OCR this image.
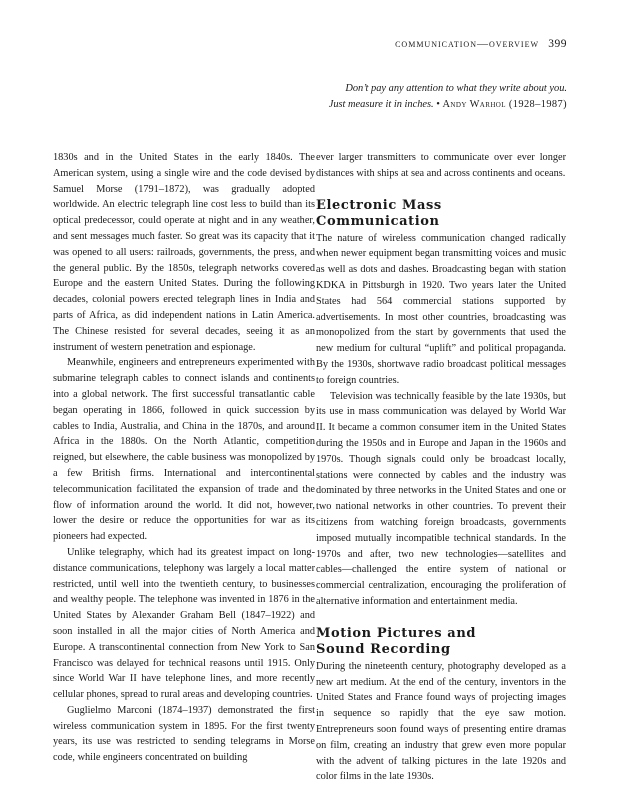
communication—overview 399
Don’t pay any attention to what they write about you.
Just measure it in inches. • Andy Warhol (1928–1987)

1830s and in the United States in the early 1840s. The American system, using a single wire and the code devised by Samuel Morse (1791–1872), was gradually adopted worldwide. An electric telegraph line cost less to build than its optical predecessor, could operate at night and in any weather, and sent messages much faster. So great was its capacity that it was opened to all users: railroads, governments, the press, and the general public. By the 1850s, telegraph networks covered Europe and the eastern United States. During the following decades, colonial powers erected telegraph lines in India and parts of Africa, as did independent nations in Latin America. The Chinese resisted for several decades, seeing it as an instrument of western penetration and espionage.

Meanwhile, engineers and entrepreneurs experimented with submarine telegraph cables to connect islands and continents into a global network. The first successful transatlantic cable began operating in 1866, followed in quick succession by cables to India, Australia, and China in the 1870s, and around Africa in the 1880s. On the North Atlantic, competition reigned, but elsewhere, the cable business was monopolized by a few British firms. International and intercontinental telecommunication facilitated the expansion of trade and the flow of information around the world. It did not, however, lower the desire or reduce the opportunities for war as its pioneers had expected.

Unlike telegraphy, which had its greatest impact on long-distance communications, telephony was largely a local matter restricted, until well into the twentieth century, to businesses and wealthy people. The telephone was invented in 1876 in the United States by Alexander Graham Bell (1847–1922) and soon installed in all the major cities of North America and Europe. A transcontinental connection from New York to San Francisco was delayed for technical reasons until 1915. Only since World War II have telephone lines, and more recently cellular phones, spread to rural areas and developing countries.

Guglielmo Marconi (1874–1937) demonstrated the first wireless communication system in 1895. For the first twenty years, its use was restricted to sending telegrams in Morse code, while engineers concentrated on building

ever larger transmitters to communicate over ever longer distances with ships at sea and across continents and oceans.

Electronic Mass
Communication

The nature of wireless communication changed radically when newer equipment began transmitting voices and music as well as dots and dashes. Broadcasting began with station KDKA in Pittsburgh in 1920. Two years later the United States had 564 commercial stations supported by advertisements. In most other countries, broadcasting was monopolized from the start by governments that used the new medium for cultural “uplift” and political propaganda. By the 1930s, shortwave radio broadcast political messages to foreign countries.

Television was technically feasible by the late 1930s, but its use in mass communication was delayed by World War II. It became a common consumer item in the United States during the 1950s and in Europe and Japan in the 1960s and 1970s. Though signals could only be broadcast locally, stations were connected by cables and the industry was dominated by three networks in the United States and one or two national networks in other countries. To prevent their citizens from watching foreign broadcasts, governments imposed mutually incompatible technical standards. In the 1970s and after, two new technologies—satellites and cables—challenged the entire system of national or commercial centralization, encouraging the proliferation of alternative information and entertainment media.

Motion Pictures and
Sound Recording

During the nineteenth century, photography developed as a new art medium. At the end of the century, inventors in the United States and France found ways of projecting images in sequence so rapidly that the eye saw motion. Entrepreneurs soon found ways of presenting entire dramas on film, creating an industry that grew even more popular with the advent of talking pictures in the late 1920s and color films in the late 1930s.
